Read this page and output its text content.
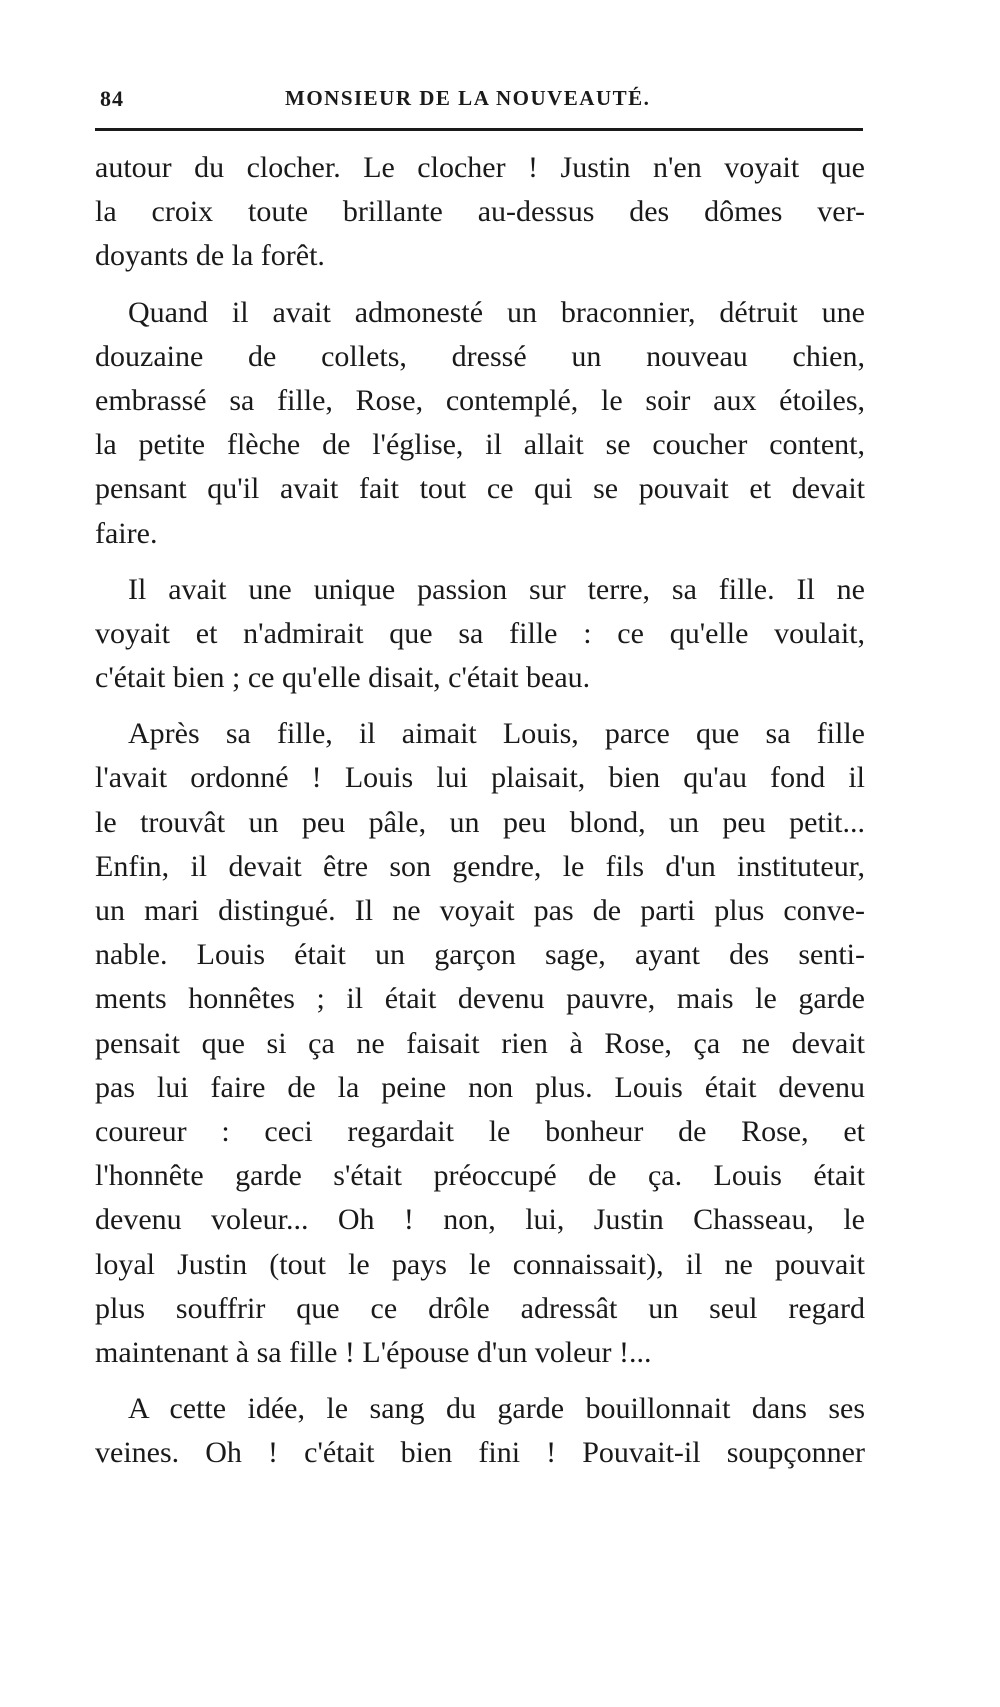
84	MONSIEUR DE LA NOUVEAUTÉ.
autour du clocher. Le clocher ! Justin n'en voyait que
la croix toute brillante au-dessus des dômes ver-
doyants de la forêt.
Quand il avait admonesté un braconnier, détruit une
douzaine de collets, dressé un nouveau chien,
embrassé sa fille, Rose, contemplé, le soir aux étoiles,
la petite flèche de l'église, il allait se coucher content,
pensant qu'il avait fait tout ce qui se pouvait et devait
faire.
Il avait une unique passion sur terre, sa fille. Il ne
voyait et n'admirait que sa fille : ce qu'elle voulait,
c'était bien ; ce qu'elle disait, c'était beau.
Après sa fille, il aimait Louis, parce que sa fille
l'avait ordonné ! Louis lui plaisait, bien qu'au fond il
le trouvât un peu pâle, un peu blond, un peu petit...
Enfin, il devait être son gendre, le fils d'un instituteur,
un mari distingué. Il ne voyait pas de parti plus conve-
nable. Louis était un garçon sage, ayant des senti-
ments honnêtes ; il était devenu pauvre, mais le garde
pensait que si ça ne faisait rien à Rose, ça ne devait
pas lui faire de la peine non plus. Louis était devenu
coureur : ceci regardait le bonheur de Rose, et
l'honnête garde s'était préoccupé de ça. Louis était
devenu voleur... Oh ! non, lui, Justin Chasseau, le
loyal Justin (tout le pays le connaissait), il ne pouvait
plus souffrir que ce drôle adressât un seul regard
maintenant à sa fille ! L'épouse d'un voleur !...
A cette idée, le sang du garde bouillonnait dans ses
veines. Oh ! c'était bien fini ! Pouvait-il soupçonner
